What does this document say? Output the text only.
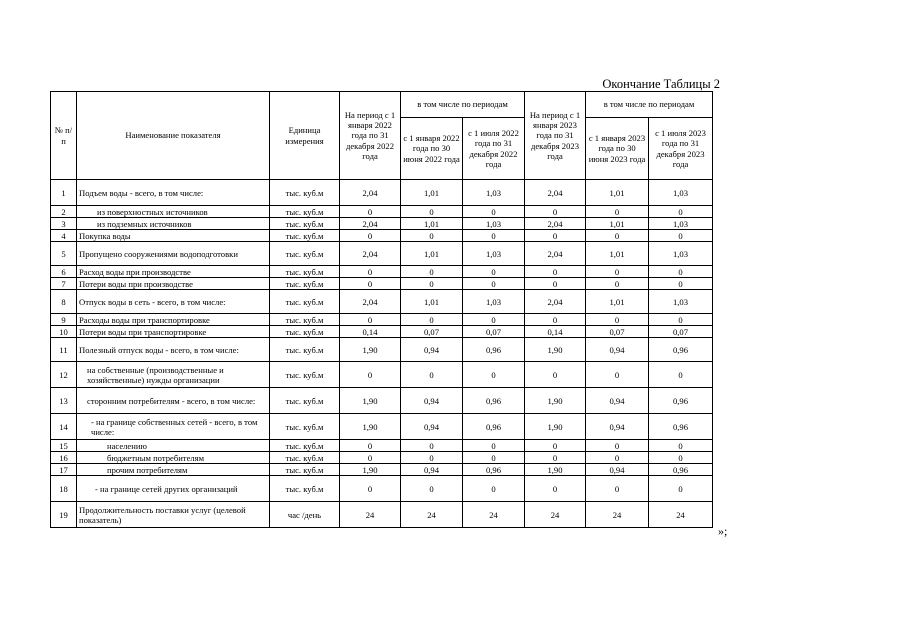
Окончание Таблицы 2
№ п/п	Наименование показателя	Единица измерения	На период с 1 января 2022 года по 31 декабря 2022 года	в том числе по периодам		На период с 1 января 2023 года по 31 декабря 2023 года	в том числе по периодам	
				с 1 января 2022 года по 30 июня 2022 года	с 1 июля 2022 года по 31 декабря 2022 года		с 1 января 2023 года по 30 июня 2023 года	с 1 июля 2023 года по 31 декабря 2023 года
1	Подъем воды - всего, в том числе:	тыс. куб.м	2,04	1,01	1,03	2,04	1,01	1,03
2	из поверхностных источников	тыс. куб.м	0	0	0	0	0	0
3	из подземных источников	тыс. куб.м	2,04	1,01	1,03	2,04	1,01	1,03
4	Покупка воды	тыс. куб.м	0	0	0	0	0	0
5	Пропущено сооружениями водоподготовки	тыс. куб.м	2,04	1,01	1,03	2,04	1,01	1,03
6	Расход воды при производстве	тыс. куб.м	0	0	0	0	0	0
7	Потери воды при производстве	тыс. куб.м	0	0	0	0	0	0
8	Отпуск воды в сеть - всего, в том числе:	тыс. куб.м	2,04	1,01	1,03	2,04	1,01	1,03
9	Расходы воды при транспортировке	тыс. куб.м	0	0	0	0	0	0
10	Потери воды при транспортировке	тыс. куб.м	0,14	0,07	0,07	0,14	0,07	0,07
11	Полезный отпуск воды - всего, в том числе:	тыс. куб.м	1,90	0,94	0,96	1,90	0,94	0,96
12	на собственные (производственные и хозяйственные) нужды организации	тыс. куб.м	0	0	0	0	0	0
13	сторонним потребителям - всего, в том числе:	тыс. куб.м	1,90	0,94	0,96	1,90	0,94	0,96
14	- на границе собственных сетей - всего, в том числе:	тыс. куб.м	1,90	0,94	0,96	1,90	0,94	0,96
15	населению	тыс. куб.м	0	0	0	0	0	0
16	бюджетным потребителям	тыс. куб.м	0	0	0	0	0	0
17	прочим потребителям	тыс. куб.м	1,90	0,94	0,96	1,90	0,94	0,96
18	- на границе сетей других организаций	тыс. куб.м	0	0	0	0	0	0
19	Продолжительность поставки услуг (целевой показатель)	час /день	24	24	24	24	24	24
»;
